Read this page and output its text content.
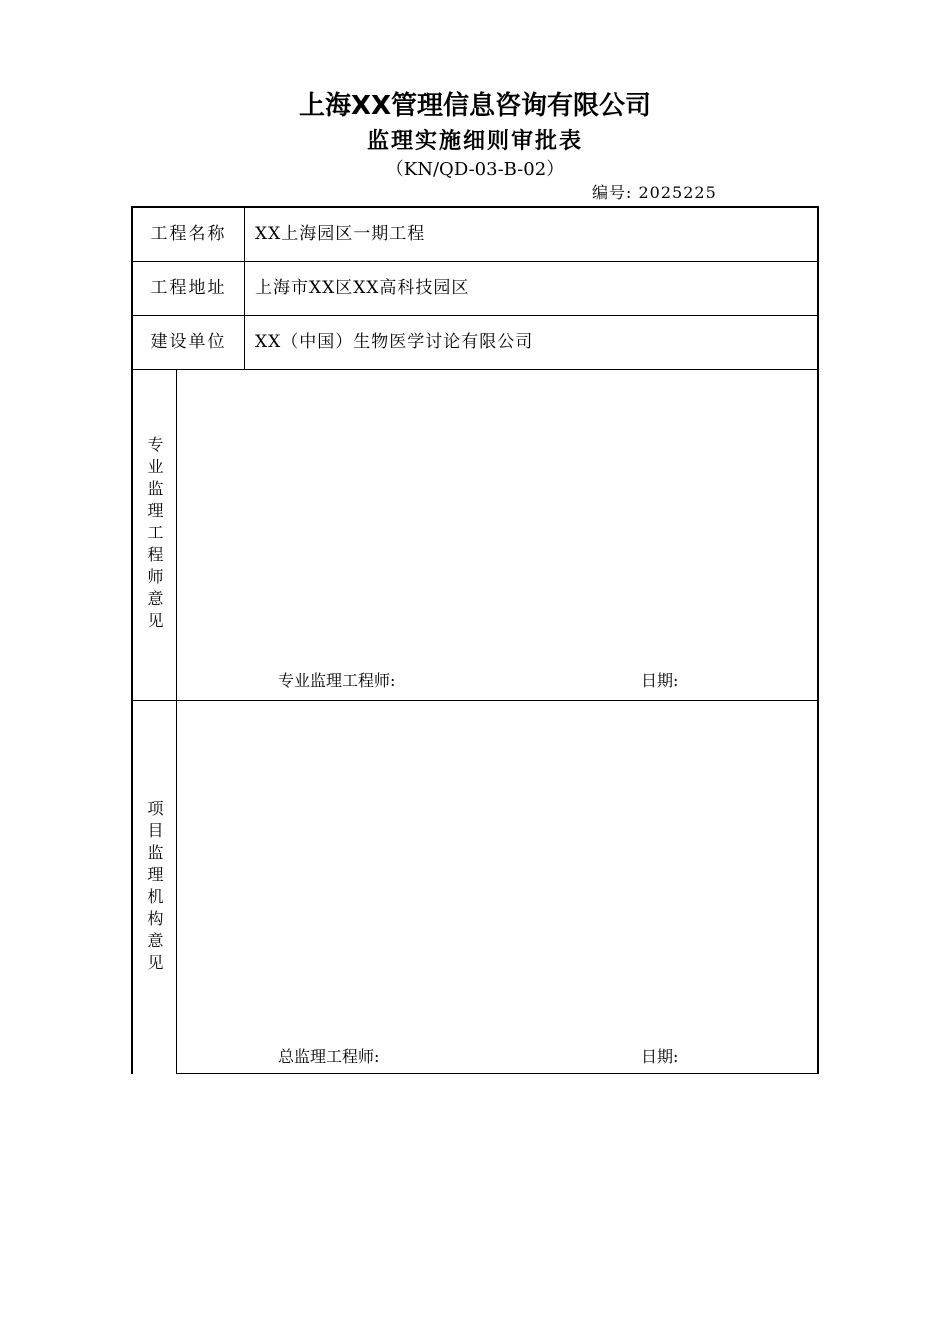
上海XX管理信息咨询有限公司
监理实施细则审批表
（KN/QD-03-B-02）
编号: 2025225
工程名称	XX上海园区一期工程
工程地址	上海市XX区XX高科技园区
建设单位	XX（中国）生物医学讨论有限公司
专业监理工程师意见
专业监理工程师:	日期:
项目监理机构意见
总监理工程师:	日期:
